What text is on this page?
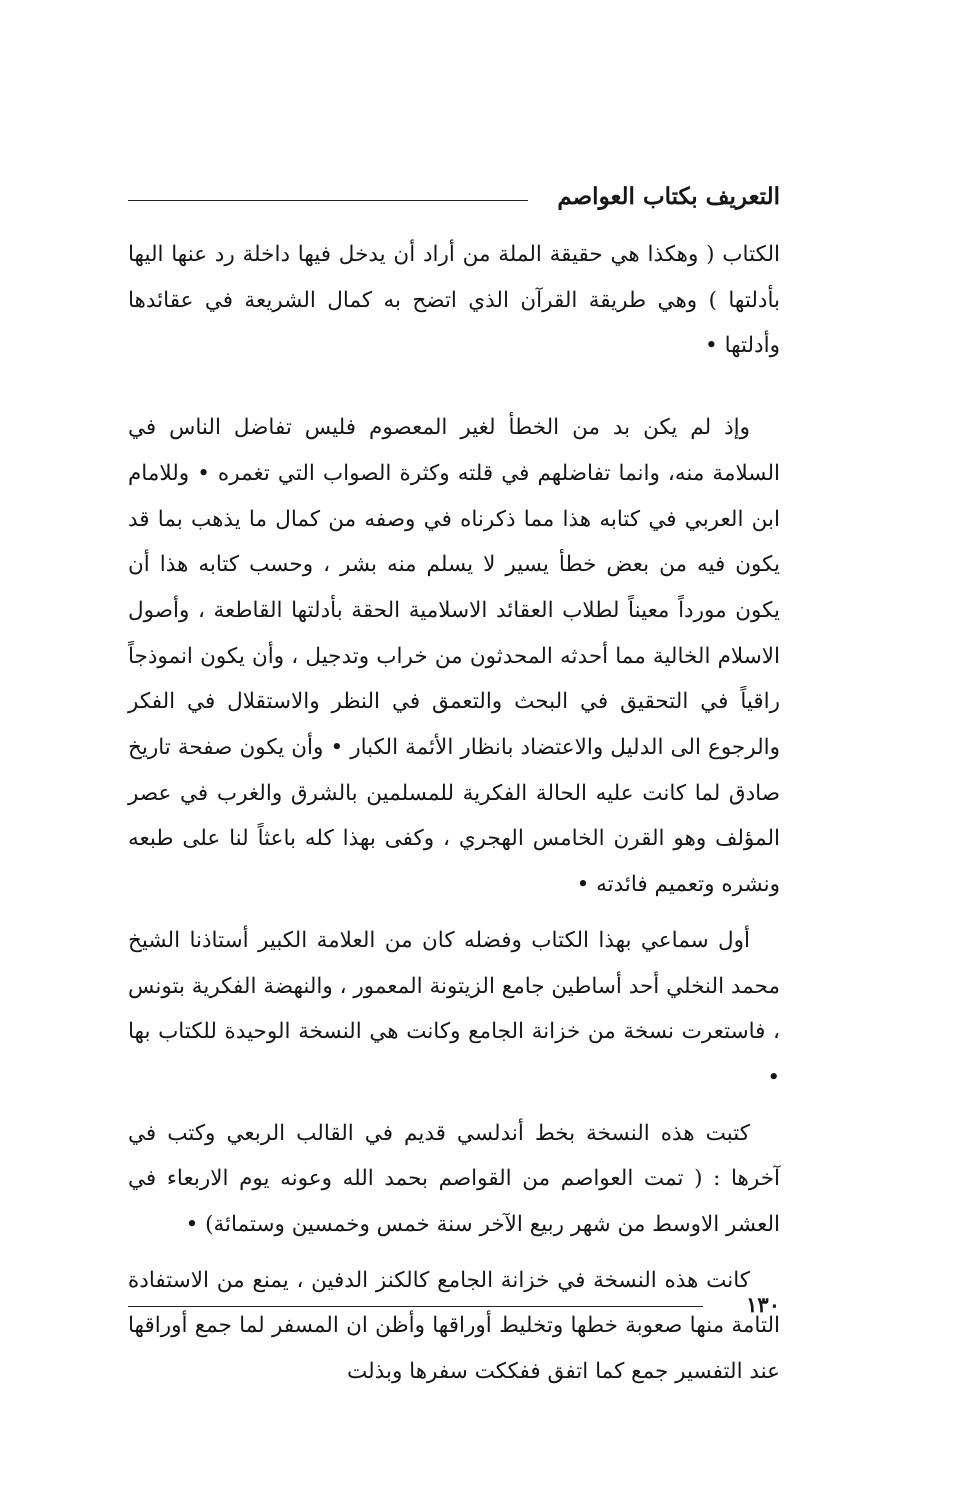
التعريف بكتاب العواصم

الكتاب ( وهكذا هي حقيقة الملة من أراد أن يدخل فيها داخلة رد عنها اليها بأدلتها ) وهي طريقة القرآن الذي اتضح به كمال الشريعة في عقائدها وأدلتها •

وإذ لم يكن بد من الخطأ لغير المعصوم فليس تفاضل الناس في السلامة منه، وانما تفاضلهم في قلته وكثرة الصواب التي تغمره • وللامام ابن العربي في كتابه هذا مما ذكرناه في وصفه من كمال ما يذهب بما قد يكون فيه من بعض خطأ يسير لا يسلم منه بشر ، وحسب كتابه هذا أن يكون مورداً معيناً لطلاب العقائد الاسلامية الحقة بأدلتها القاطعة ، وأصول الاسلام الخالية مما أحدثه المحدثون من خراب وتدجيل ، وأن يكون انموذجاً راقياً في التحقيق في البحث والتعمق في النظر والاستقلال في الفكر والرجوع الى الدليل والاعتضاد بانظار الأئمة الكبار • وأن يكون صفحة تاريخ صادق لما كانت عليه الحالة الفكرية للمسلمين بالشرق والغرب في عصر المؤلف وهو القرن الخامس الهجري ، وكفى بهذا كله باعثاً لنا على طبعه ونشره وتعميم فائدته •

أول سماعي بهذا الكتاب وفضله كان من العلامة الكبير أستاذنا الشيخ محمد النخلي أحد أساطين جامع الزيتونة المعمور ، والنهضة الفكرية بتونس ، فاستعرت نسخة من خزانة الجامع وكانت هي النسخة الوحيدة للكتاب بها •

كتبت هذه النسخة بخط أندلسي قديم في القالب الربعي وكتب في آخرها : ( تمت العواصم من القواصم بحمد الله وعونه يوم الاربعاء في العشر الاوسط من شهر ربيع الآخر سنة خمس وخمسين وستمائة) •

كانت هذه النسخة في خزانة الجامع كالكنز الدفين ، يمنع من الاستفادة التامة منها صعوبة خطها وتخليط أوراقها وأظن ان المسفر لما جمع أوراقها عند التفسير جمع كما اتفق ففككت سفرها وبذلت

١٣٠
